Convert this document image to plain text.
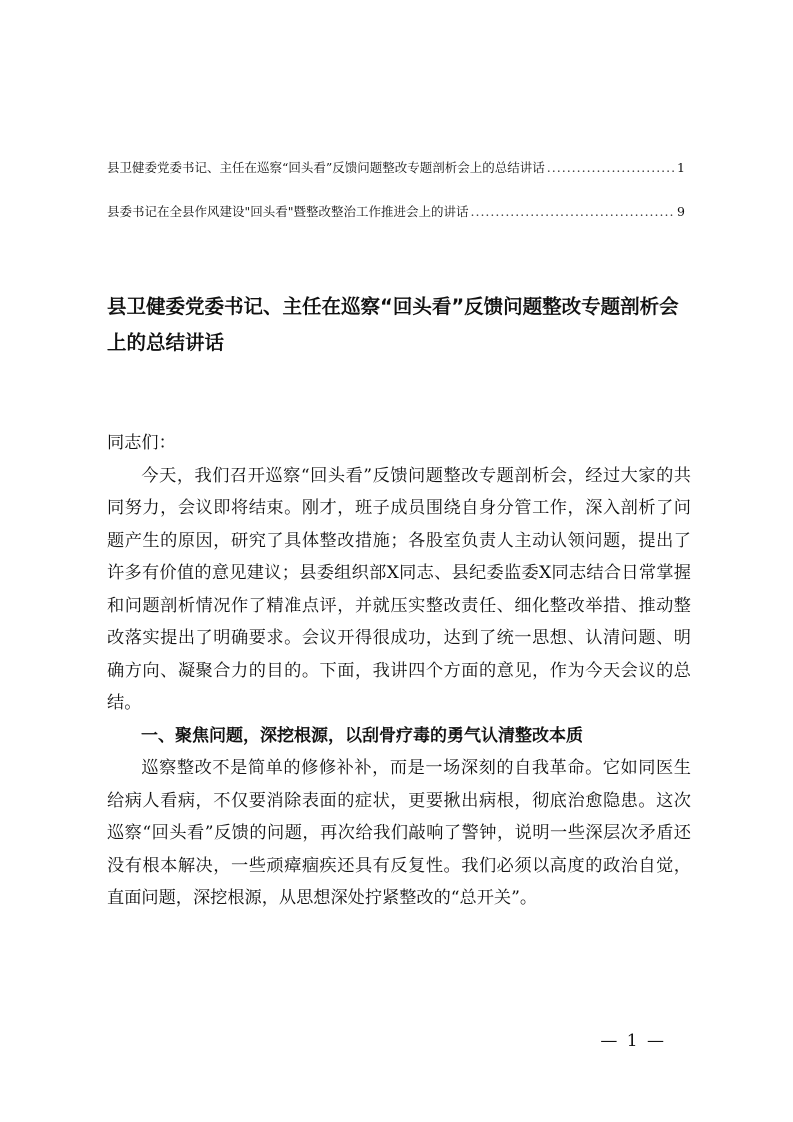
县卫健委党委书记、主任在巡察“回头看”反馈问题整改专题剖析会上的总结讲话 .....	1
县委书记在全县作风建设"回头看"暨整改整治工作推进会上的讲话 .....	9
县卫健委党委书记、主任在巡察“回头看”反馈问题整改专题剖析会上的总结讲话

同志们：

今天，我们召开巡察“回头看”反馈问题整改专题剖析会，经过大家的共同努力，会议即将结束。刚才，班子成员围绕自身分管工作，深入剖析了问题产生的原因，研究了具体整改措施；各股室负责人主动认领问题，提出了许多有价值的意见建议；县委组织部X同志、县纪委监委X同志结合日常掌握和问题剖析情况作了精准点评，并就压实整改责任、细化整改举措、推动整改落实提出了明确要求。会议开得很成功，达到了统一思想、认清问题、明确方向、凝聚合力的目的。下面，我讲四个方面的意见，作为今天会议的总结。

一、聚焦问题，深挖根源，以刮骨疗毒的勇气认清整改本质

巡察整改不是简单的修修补补，而是一场深刻的自我革命。它如同医生给病人看病，不仅要消除表面的症状，更要揪出病根，彻底治愈隐患。这次巡察“回头看”反馈的问题，再次给我们敲响了警钟，说明一些深层次矛盾还没有根本解决，一些顽瘴痼疾还具有反复性。我们必须以高度的政治自觉，直面问题，深挖根源，从思想深处拧紧整改的“总开关”。

— 1 —
